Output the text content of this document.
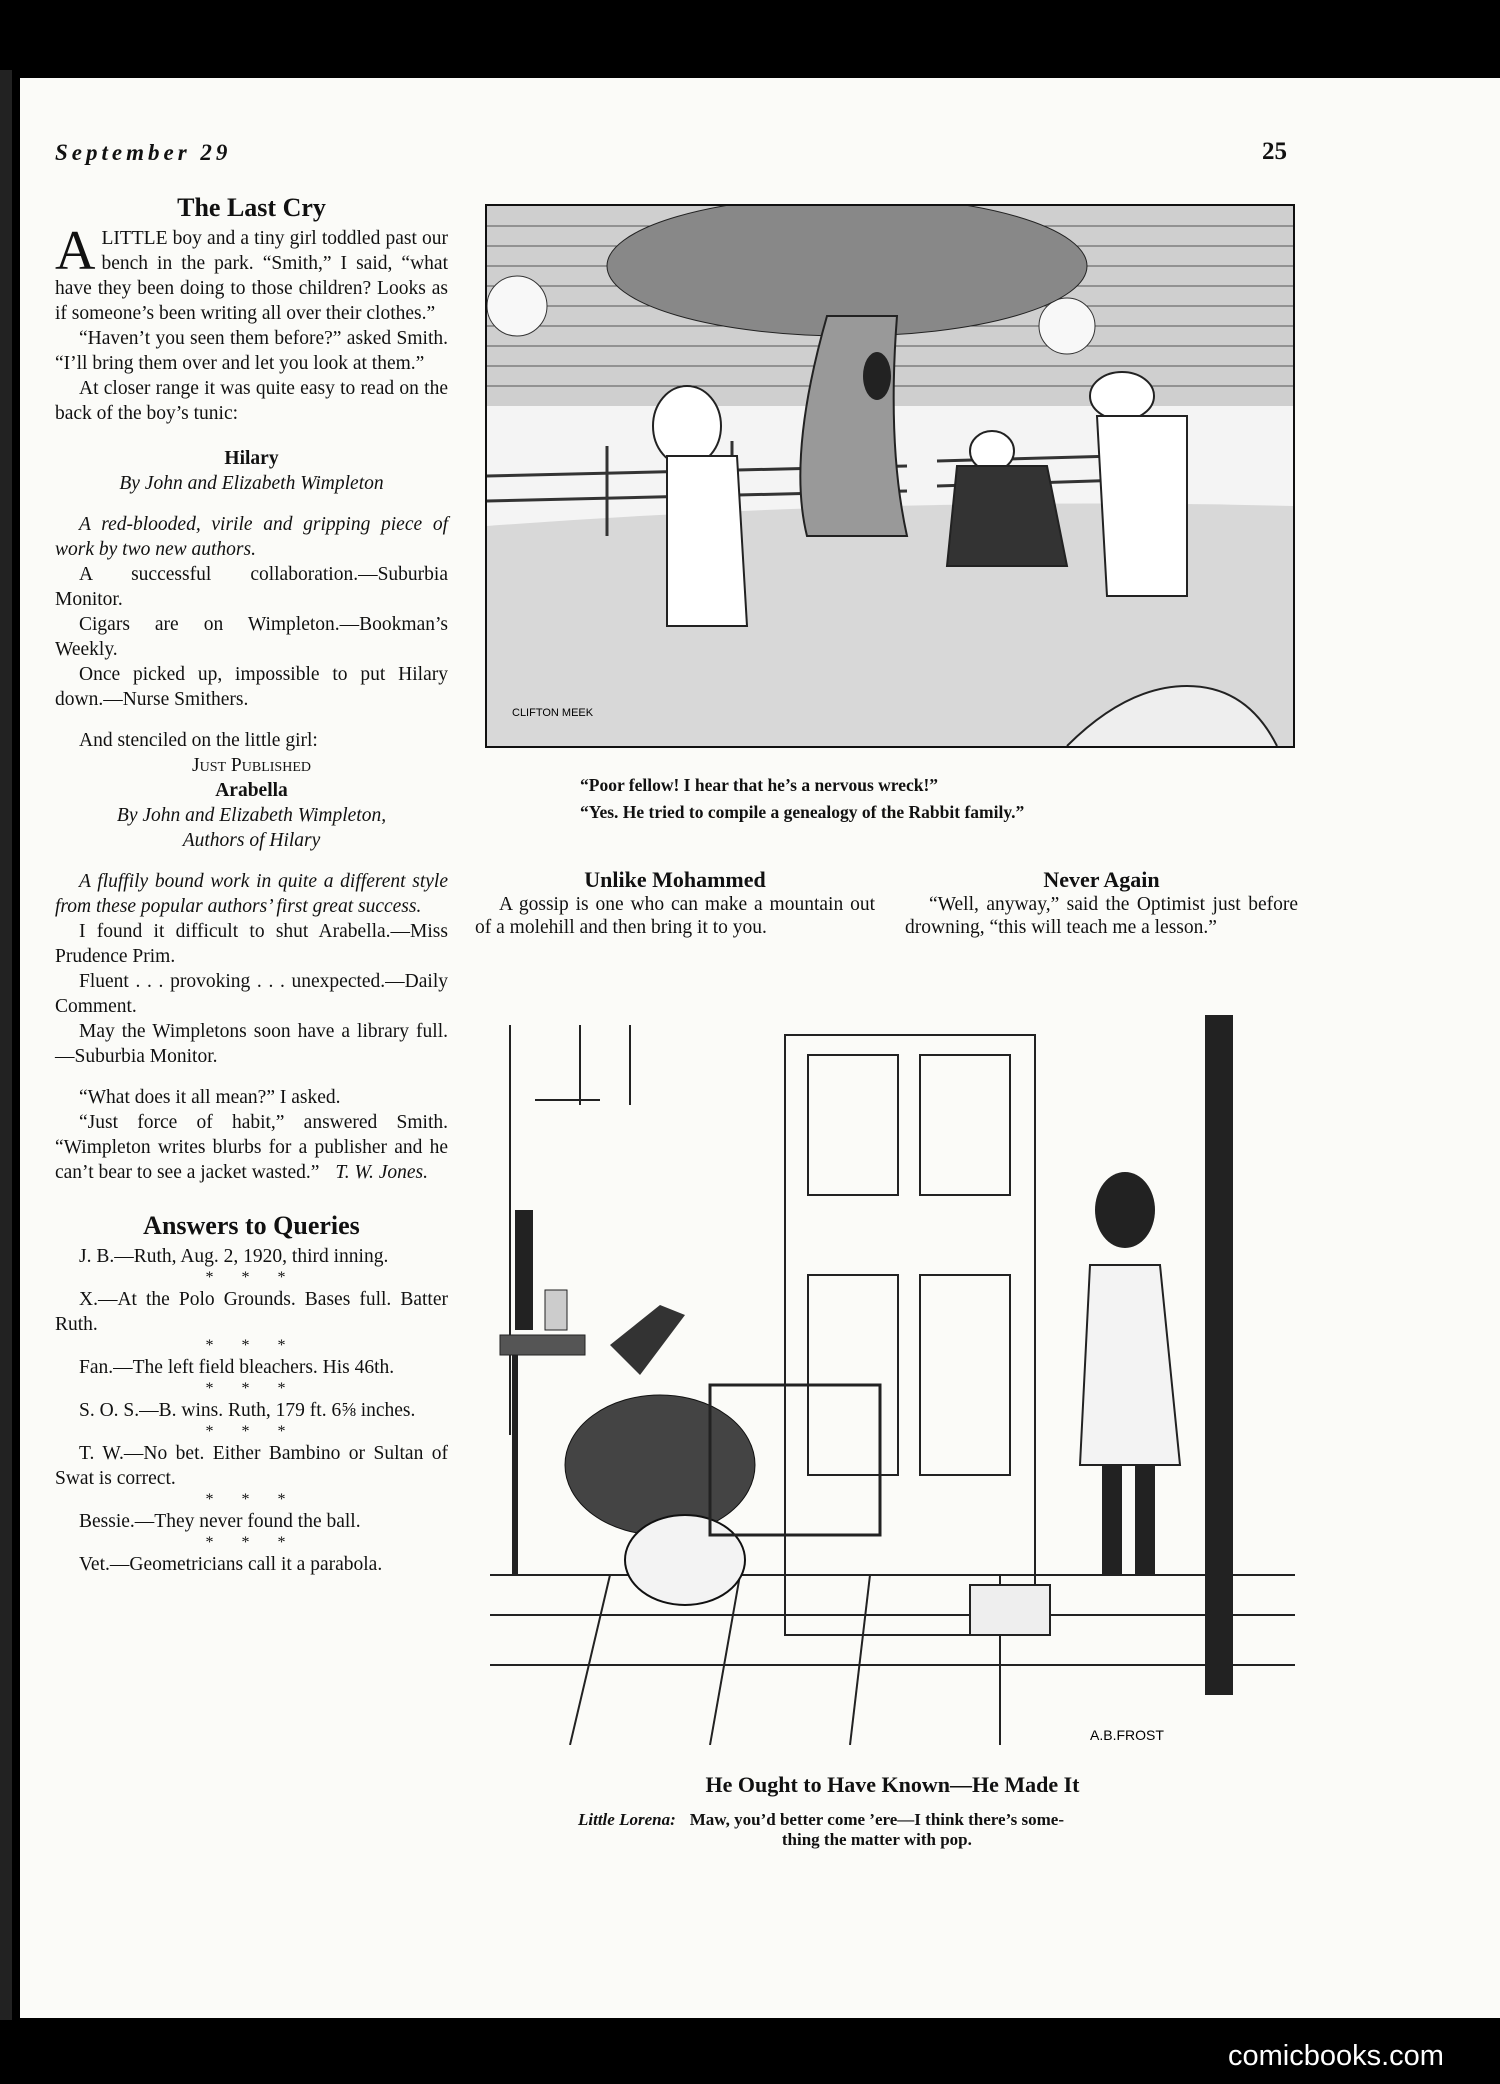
September 29	25
The Last Cry

ALITTLE boy and a tiny girl toddled past our bench in the park. “Smith,” I said, “what have they been doing to those children? Looks as if someone’s been writing all over their clothes.”

“Haven’t you seen them before?” asked Smith. “I’ll bring them over and let you look at them.”

At closer range it was quite easy to read on the back of the boy’s tunic:

Hilary
By John and Elizabeth Wimpleton

A red-blooded, virile and gripping piece of work by two new authors.

A successful collaboration.—Suburbia Monitor.

Cigars are on Wimpleton.—Bookman’s Weekly.

Once picked up, impossible to put Hilary down.—Nurse Smithers.

And stenciled on the little girl:

Just Published
Arabella
By John and Elizabeth Wimpleton,
Authors of Hilary

A fluffily bound work in quite a different style from these popular authors’ first great success.

I found it difficult to shut Arabella.—Miss Prudence Prim.

Fluent . . . provoking . . . unexpected.—Daily Comment.

May the Wimpletons soon have a library full.—Suburbia Monitor.

“What does it all mean?” I asked.

“Just force of habit,” answered Smith. “Wimpleton writes blurbs for a publisher and he can’t bear to see a jacket wasted.” T. W. Jones.
Answers to Queries

J. B.—Ruth, Aug. 2, 1920, third inning.

* * *

X.—At the Polo Grounds. Bases full. Batter Ruth.

* * *

Fan.—The left field bleachers. His 46th.

* * *

S. O. S.—B. wins. Ruth, 179 ft. 6⅝ inches.

* * *

T. W.—No bet. Either Bambino or Sultan of Swat is correct.

* * *

Bessie.—They never found the ball.

* * *

Vet.—Geometricians call it a parabola.

CLIFTON MEEK
“Poor fellow! I hear that he’s a nervous wreck!”
“Yes. He tried to compile a genealogy of the Rabbit family.”
Unlike Mohammed

A gossip is one who can make a mountain out of a molehill and then bring it to you.

Never Again

“Well, anyway,” said the Optimist just before drowning, “this will teach me a lesson.”

A.B.FROST
He Ought to Have Known—He Made It
Little Lorena: Maw, you’d better come ’ere—I think there’s some-
thing the matter with pop.
comicbooks.com
